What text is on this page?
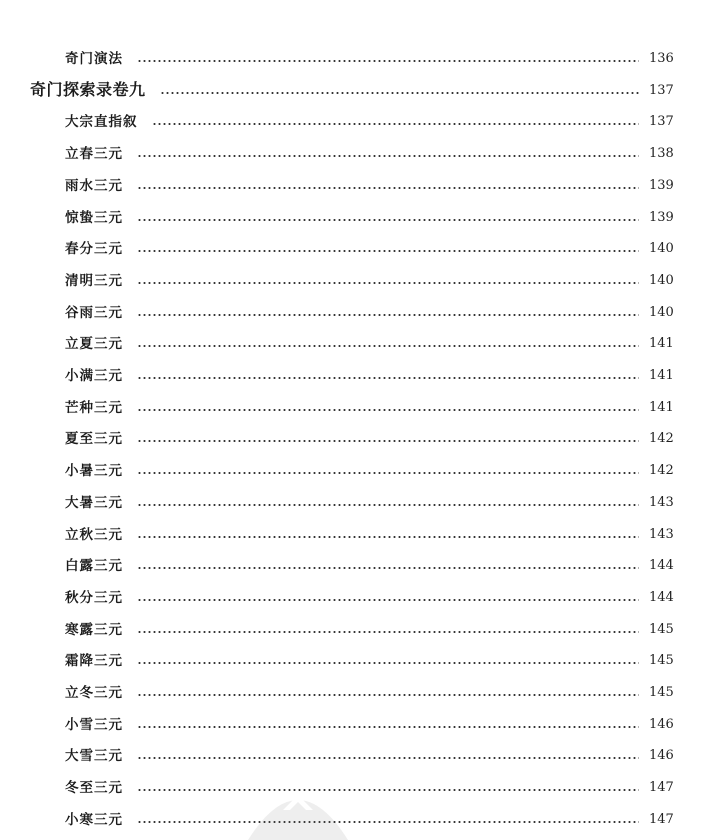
奇门演法	136
奇门探索录卷九	137
大宗直指叙	137
立春三元	138
雨水三元	139
惊蛰三元	139
春分三元	140
清明三元	140
谷雨三元	140
立夏三元	141
小满三元	141
芒种三元	141
夏至三元	142
小暑三元	142
大暑三元	143
立秋三元	143
白露三元	144
秋分三元	144
寒露三元	145
霜降三元	145
立冬三元	145
小雪三元	146
大雪三元	146
冬至三元	147
小寒三元	147
